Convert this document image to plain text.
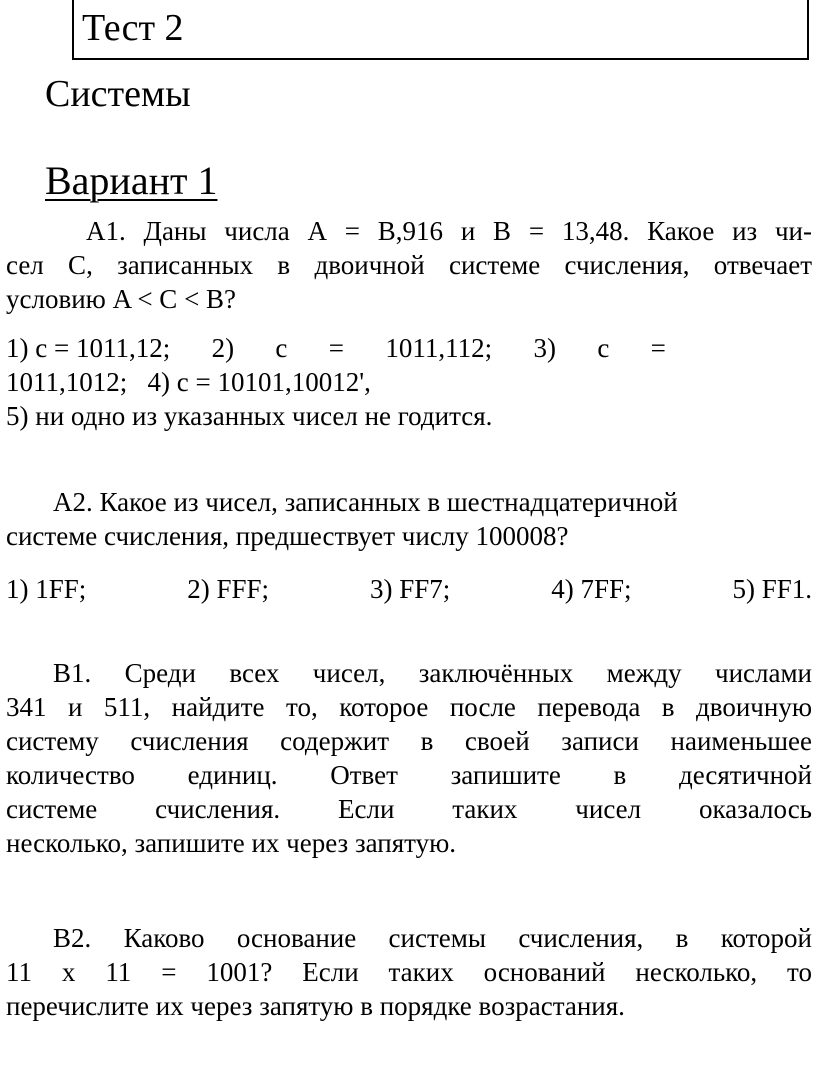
Тест 2
Системы
Вариант 1
А1. Даны числа А = В,916 и В = 13,48. Какое из чи-
сел С, записанных в двоичной системе счисления, отвечает
условию A < C < B?
1) c = 1011,12; 2) c = 1011,112; 3) c =
1011,1012;   4) c = 10101,10012',
5) ни одно из указанных чисел не годится.
A2. Какое из чисел, записанных в шестнадцатеричной
системе счисления, предшествует числу 100008?
1) 1FF;	2) FFF;	3) FF7;	4) 7FF;	5) FF1.
B1. Среди всех чисел, заключённых между числами
341 и 511, найдите то, которое после перевода в двоичную
систему счисления содержит в своей записи наименьшее
количество единиц. Ответ запишите в десятичной
системе счисления. Если таких чисел оказалось
несколько, запишите их через запятую.
B2. Каково основание системы счисления, в которой
11 x 11 = 1001? Если таких оснований несколько, то
перечислите их через запятую в порядке возрастания.
